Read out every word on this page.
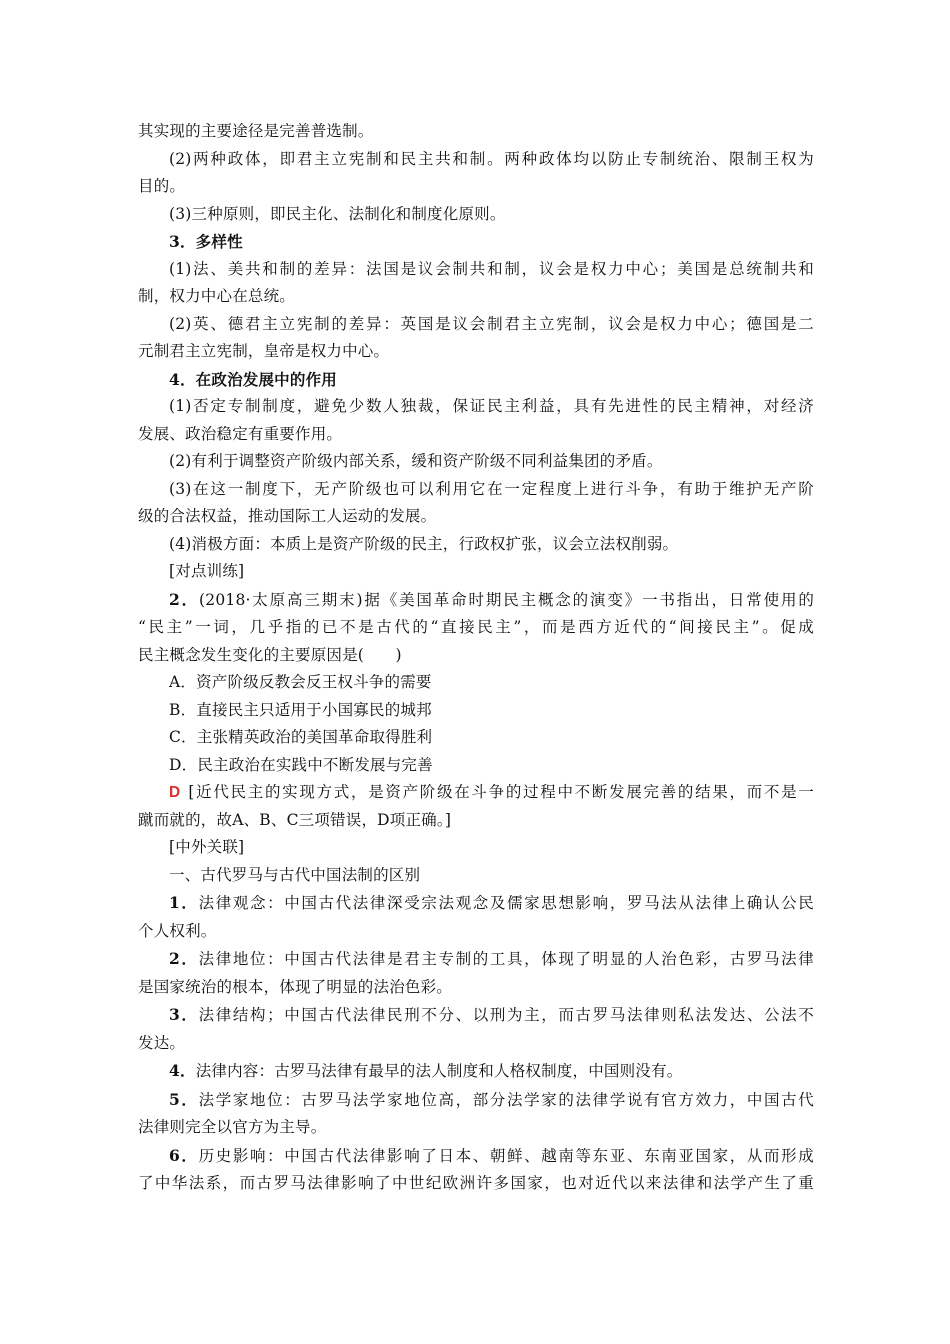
其实现的主要途径是完善普选制。
(2)两种政体，即君主立宪制和民主共和制。两种政体均以防止专制统治、限制王权为
目的。
(3)三种原则，即民主化、法制化和制度化原则。
3．多样性
(1)法、美共和制的差异：法国是议会制共和制，议会是权力中心；美国是总统制共和
制，权力中心在总统。
(2)英、德君主立宪制的差异：英国是议会制君主立宪制，议会是权力中心；德国是二
元制君主立宪制，皇帝是权力中心。
4．在政治发展中的作用
(1)否定专制制度，避免少数人独裁，保证民主利益，具有先进性的民主精神，对经济
发展、政治稳定有重要作用。
(2)有利于调整资产阶级内部关系，缓和资产阶级不同利益集团的矛盾。
(3)在这一制度下，无产阶级也可以利用它在一定程度上进行斗争，有助于维护无产阶
级的合法权益，推动国际工人运动的发展。
(4)消极方面：本质上是资产阶级的民主，行政权扩张，议会立法权削弱。
[对点训练]
2．(2018·太原高三期末)据《美国革命时期民主概念的演变》一书指出，日常使用的
“民主”一词，几乎指的已不是古代的“直接民主”，而是西方近代的“间接民主”。促成
民主概念发生变化的主要原因是(　　)
A．资产阶级反教会反王权斗争的需要
B．直接民主只适用于小国寡民的城邦
C．主张精英政治的美国革命取得胜利
D．民主政治在实践中不断发展与完善
D [近代民主的实现方式，是资产阶级在斗争的过程中不断发展完善的结果，而不是一
蹴而就的，故A、B、C三项错误，D项正确。]
[中外关联]
一、古代罗马与古代中国法制的区别
1．法律观念：中国古代法律深受宗法观念及儒家思想影响，罗马法从法律上确认公民
个人权利。
2．法律地位：中国古代法律是君主专制的工具，体现了明显的人治色彩，古罗马法律
是国家统治的根本，体现了明显的法治色彩。
3．法律结构；中国古代法律民刑不分、以刑为主，而古罗马法律则私法发达、公法不
发达。
4．法律内容：古罗马法律有最早的法人制度和人格权制度，中国则没有。
5．法学家地位：古罗马法学家地位高，部分法学家的法律学说有官方效力，中国古代
法律则完全以官方为主导。
6．历史影响：中国古代法律影响了日本、朝鲜、越南等东亚、东南亚国家，从而形成
了中华法系，而古罗马法律影响了中世纪欧洲许多国家，也对近代以来法律和法学产生了重
